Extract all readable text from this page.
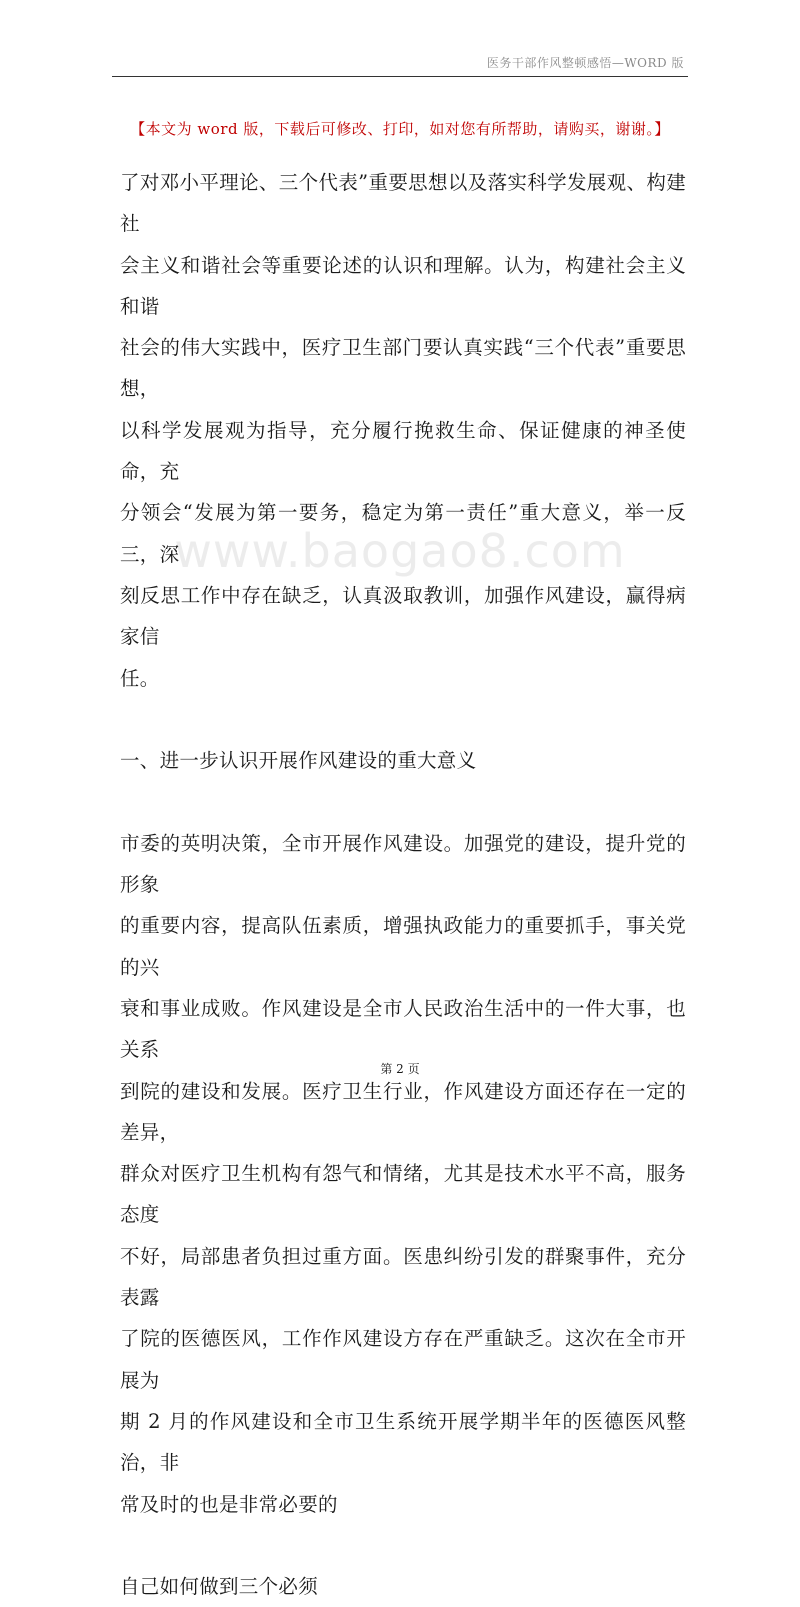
医务干部作风整顿感悟—WORD 版
【本文为 word 版，下载后可修改、打印，如对您有所帮助，请购买，谢谢。】
www.baogao8.com

了对邓小平理论、三个代表”重要思想以及落实科学发展观、构建社

会主义和谐社会等重要论述的认识和理解。认为，构建社会主义和谐

社会的伟大实践中，医疗卫生部门要认真实践“三个代表”重要思想，

以科学发展观为指导，充分履行挽救生命、保证健康的神圣使命，充

分领会“发展为第一要务，稳定为第一责任”重大意义，举一反三，深

刻反思工作中存在缺乏，认真汲取教训，加强作风建设，赢得病家信

任。

一、进一步认识开展作风建设的重大意义

市委的英明决策，全市开展作风建设。加强党的建设，提升党的形象

的重要内容，提高队伍素质，增强执政能力的重要抓手，事关党的兴

衰和事业成败。作风建设是全市人民政治生活中的一件大事，也关系

到院的建设和发展。医疗卫生行业，作风建设方面还存在一定的差异，

群众对医疗卫生机构有怨气和情绪，尤其是技术水平不高，服务态度

不好，局部患者负担过重方面。医患纠纷引发的群聚事件，充分表露

了院的医德医风，工作作风建设方存在严重缺乏。这次在全市开展为

期 2 月的作风建设和全市卫生系统开展学期半年的医德医风整治，非

常及时的也是非常必要的

自己如何做到三个必须

第 2 页
